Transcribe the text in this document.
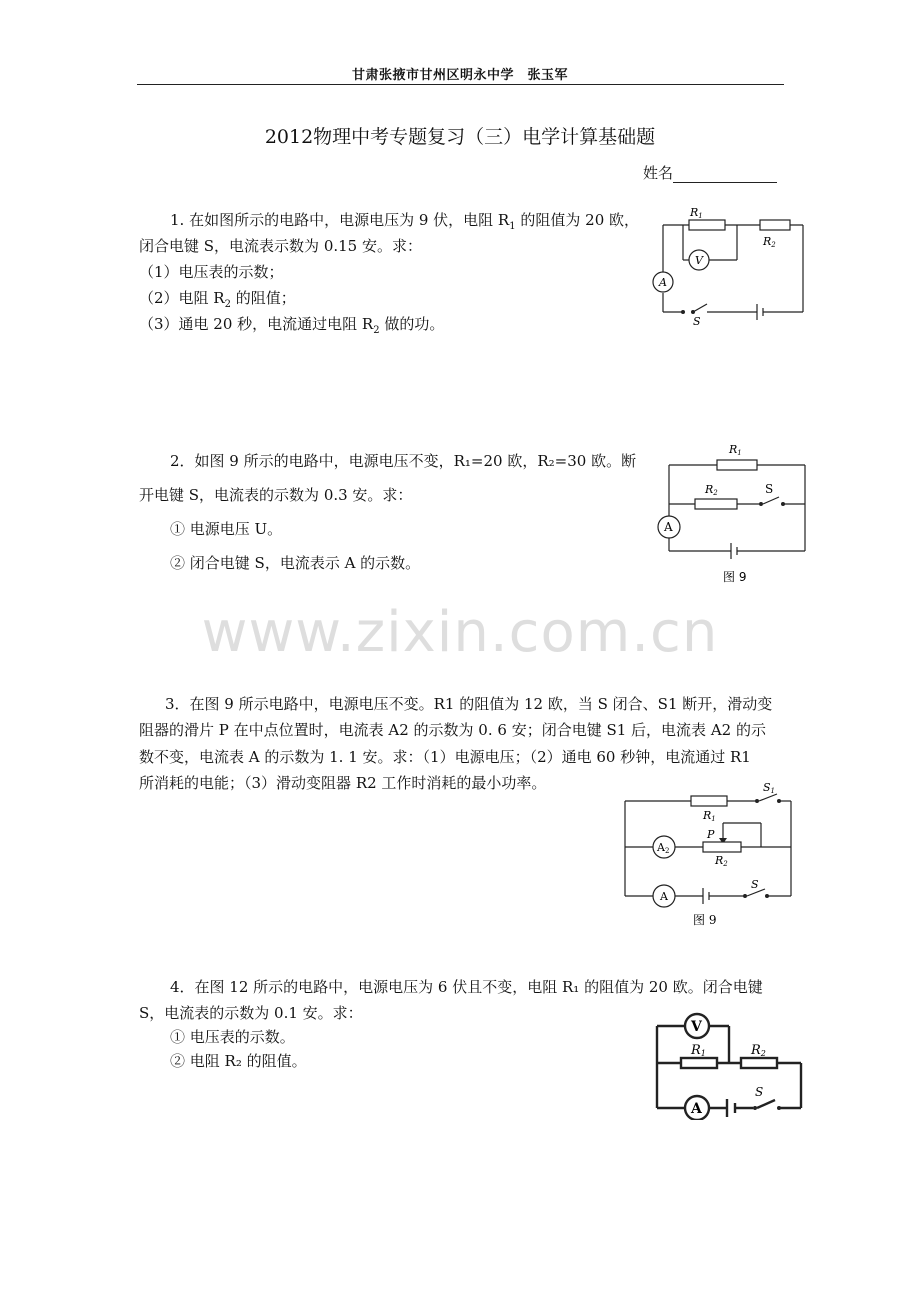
甘肃张掖市甘州区明永中学　张玉军
2012物理中考专题复习（三）电学计算基础题
姓名
1. 在如图所示的电路中，电源电压为 9 伏，电阻 $R_1$ 的阻值为 20 欧，
闭合电键 S，电流表示数为 0.15 安。求：
（1）电压表的示数；
（2）电阻 $R_2$ 的阻值；
（3）通电 20 秒，电流通过电阻 $R_2$ 做的功。
R1
R2
V
A
S
2．如图 9 所示的电路中，电源电压不变，R₁=20 欧，R₂=30 欧。断
开电键 S，电流表的示数为 0.3 安。求：
① 电源电压 U。
② 闭合电键 S，电流表示 A 的示数。
R1
R2	S
A
图 9
www.zixin.com.cn
3．在图 9 所示电路中，电源电压不变。R1 的阻值为 12 欧，当 S 闭合、S1 断开，滑动变
阻器的滑片 P 在中点位置时，电流表 A2 的示数为 0. 6 安；闭合电键 S1 后，电流表 A2 的示
数不变，电流表 A 的示数为 1. 1 安。求：（1）电源电压；（2）通电 60 秒钟，电流通过 R1
所消耗的电能；（3）滑动变阻器 R2 工作时消耗的最小功率。	S1
R1
P
R2
A2
A
S
图 9
4．在图 12 所示的电路中，电源电压为 6 伏且不变，电阻 R₁ 的阻值为 20 欧。闭合电键
S，电流表的示数为 0.1 安。求：
① 电压表的示数。
② 电阻 R₂ 的阻值。
V
A
R1	R2
S
